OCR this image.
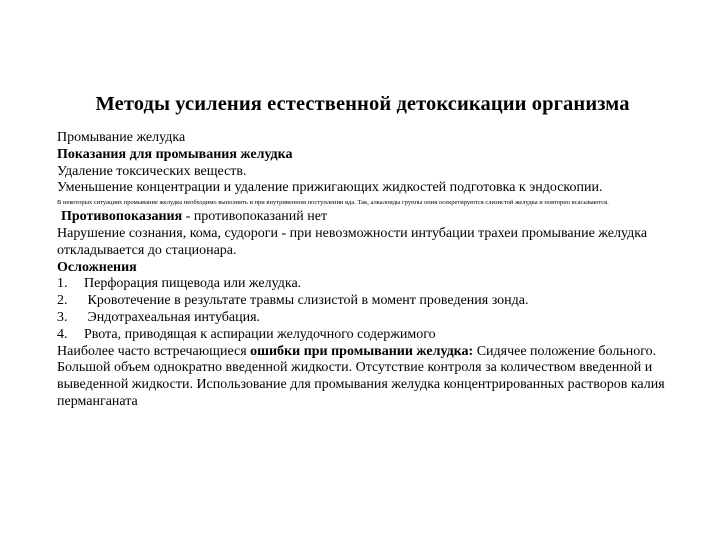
Методы усиления естественной детоксикации организма

Промывание желудка

Показания для промывания желудка

Удаление токсических веществ.

Уменьшение концентрации и удаление прижигающих жидкостей подготовка к эндоскопии.

В некоторых ситуациях промывание желудка необходимо выполнять и при внутривенном поступлении яда. Так, алкалоиды группы опия осекретируются слизистой желудка и повторно всасываются.

Противопоказания - противопоказаний нет

Нарушение сознания, кома, судороги - при невозможности интубации трахеи промывание желудка откладывается до стационара.

Осложнения

1. Перфорация пищевода или желудка.

2. Кровотечение в результате травмы слизистой в момент проведения зонда.

3. Эндотрахеальная интубация.

4. Рвота, приводящая к аспирации желудочного содержимого

Наиболее часто встречающиеся ошибки при промывании желудка: Сидячее положение больного. Большой объем однократно введенной жидкости. Отсутствие контроля за количеством введенной и выведенной жидкости. Использование для промывания желудка концентрированных растворов калия перманганата
